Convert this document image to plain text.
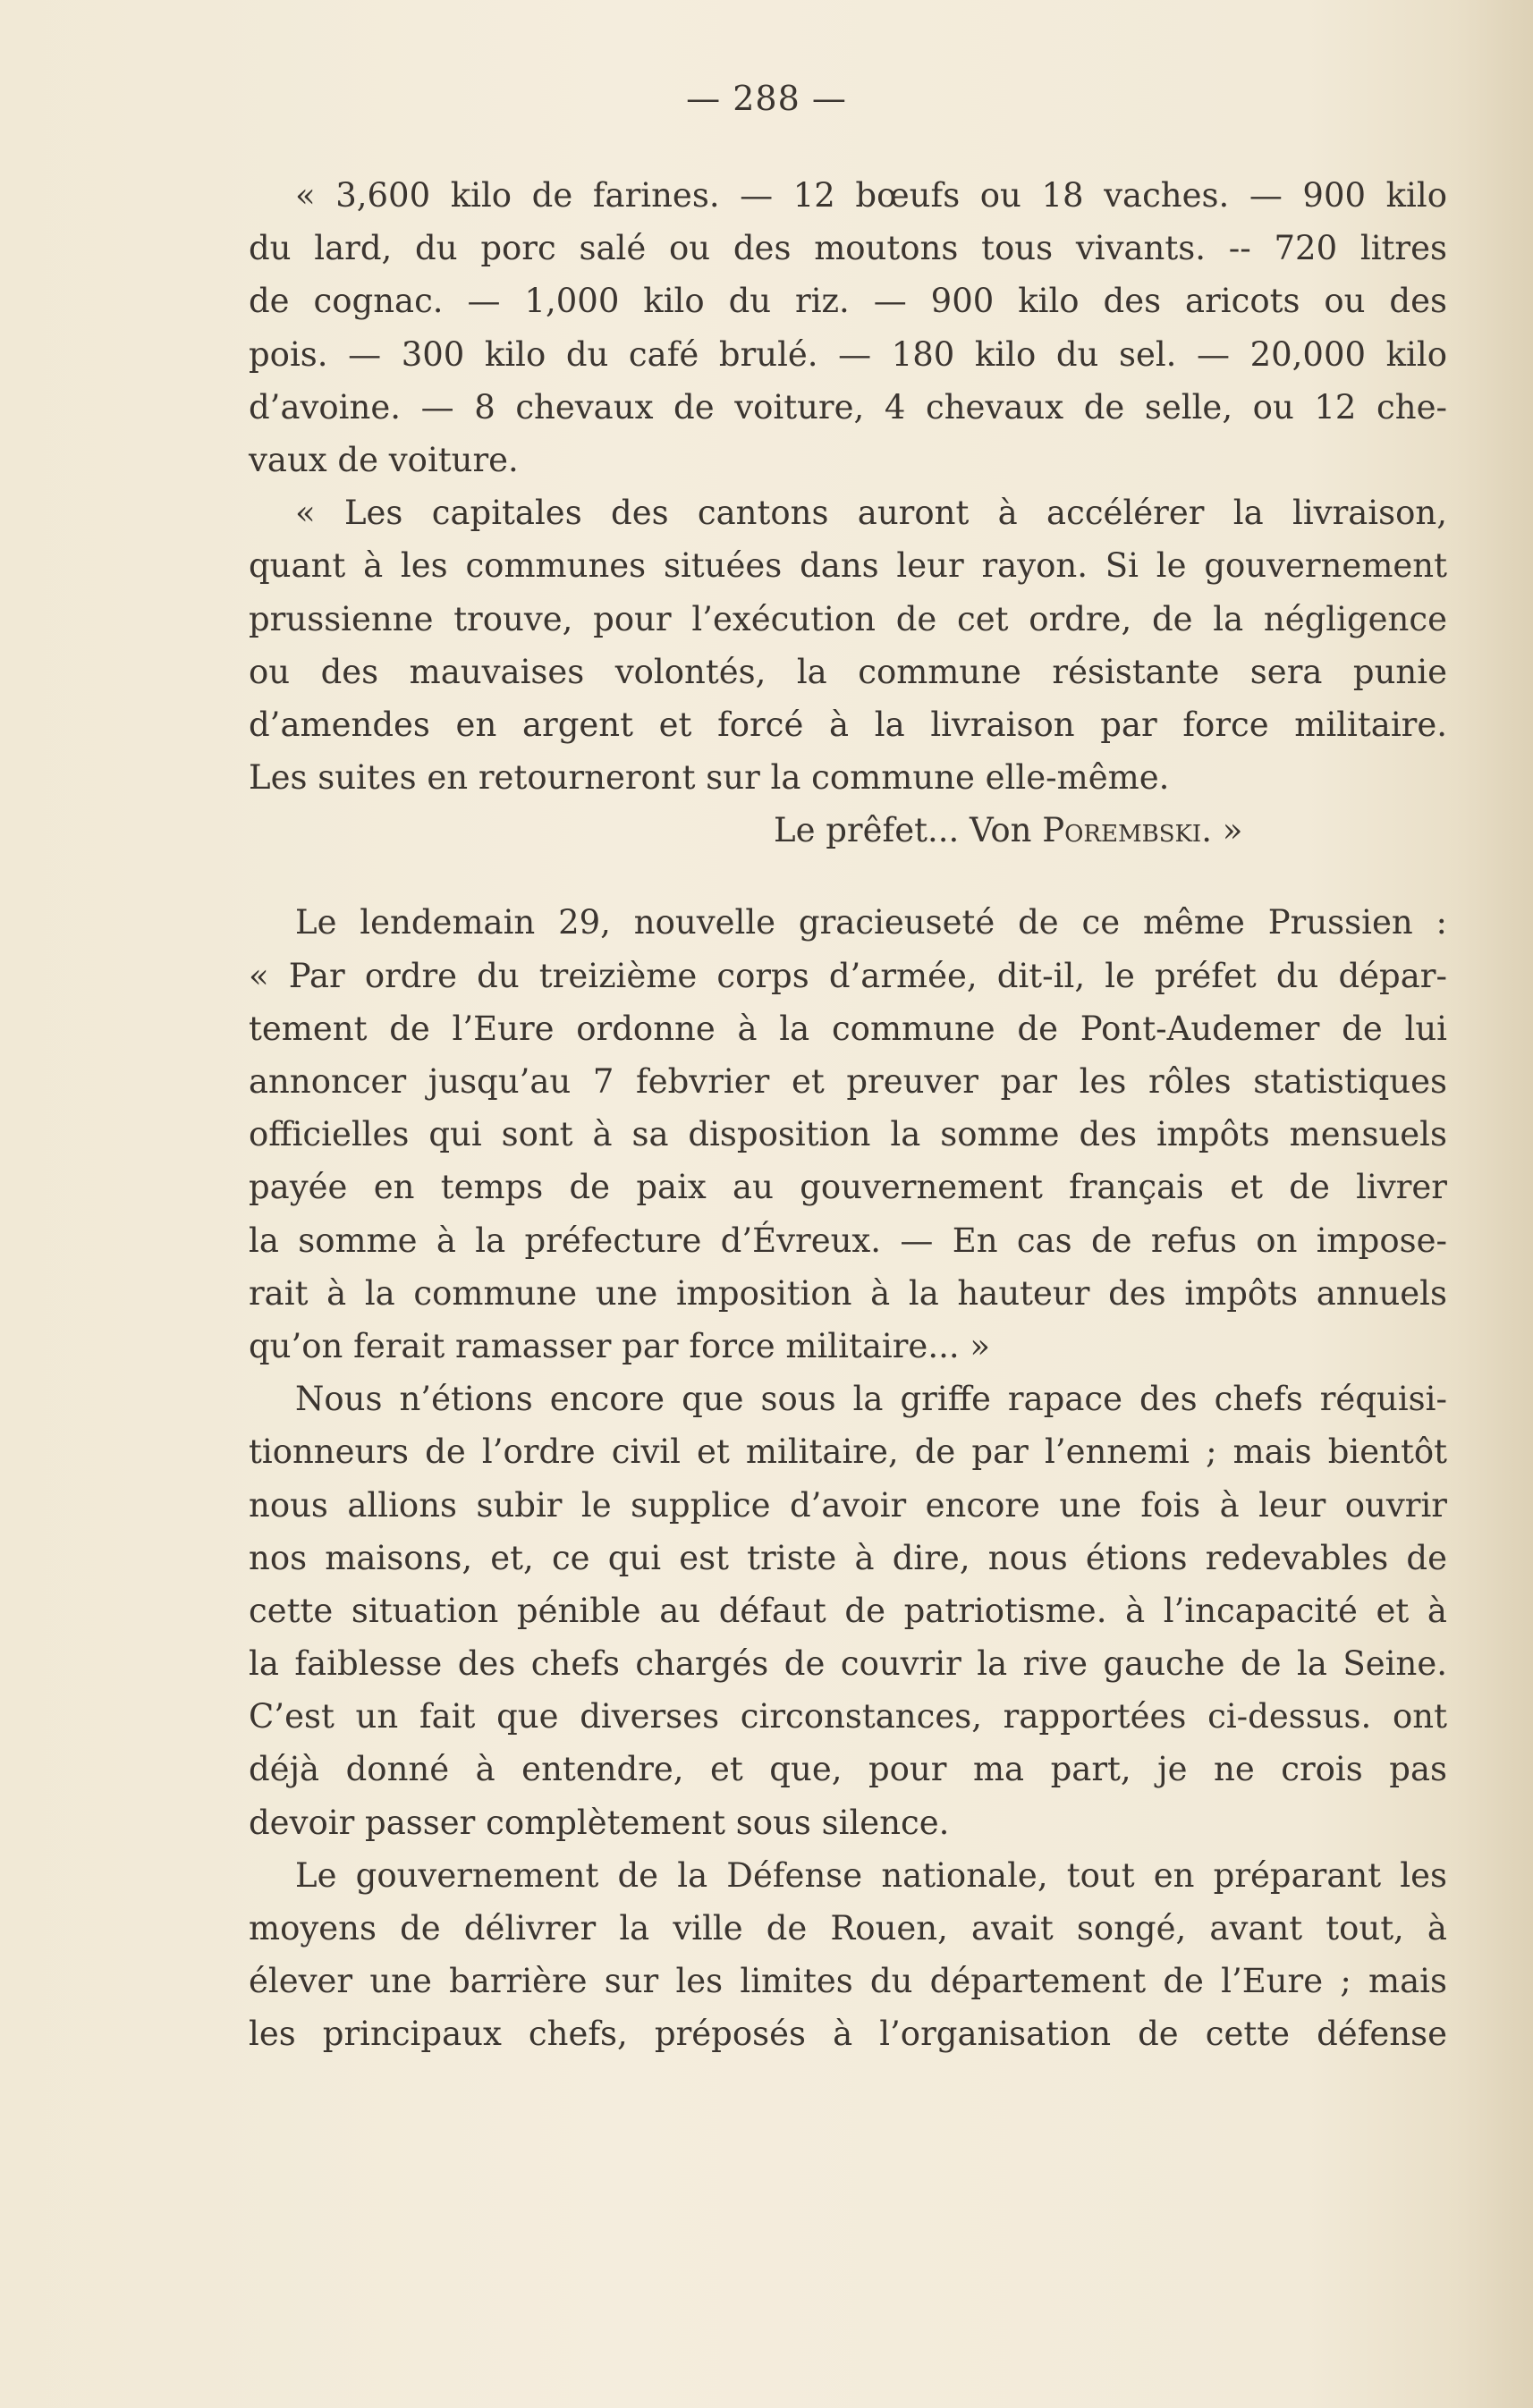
— 288 —
« 3,600 kilo de farines. — 12 bœufs ou 18 vaches. — 900 kilo
du lard, du porc salé ou des moutons tous vivants. -- 720 litres
de cognac. — 1,000 kilo du riz. — 900 kilo des aricots ou des
pois. — 300 kilo du café brulé. — 180 kilo du sel. — 20,000 kilo
d’avoine. — 8 chevaux de voiture, 4 chevaux de selle, ou 12 che-
vaux de voiture.
« Les capitales des cantons auront à accélérer la livraison,
quant à les communes situées dans leur rayon. Si le gouvernement
prussienne trouve, pour l’exécution de cet ordre, de la négligence
ou des mauvaises volontés, la commune résistante sera punie
d’amendes en argent et forcé à la livraison par force militaire.
Les suites en retourneront sur la commune elle-même.
Le prêfet... Von Porembski. »
Le lendemain 29, nouvelle gracieuseté de ce même Prussien :
« Par ordre du treizième corps d’armée, dit-il, le préfet du dépar-
tement de l’Eure ordonne à la commune de Pont-Audemer de lui
annoncer jusqu’au 7 febvrier et preuver par les rôles statistiques
officielles qui sont à sa disposition la somme des impôts mensuels
payée en temps de paix au gouvernement français et de livrer
la somme à la préfecture d’Évreux. — En cas de refus on impose-
rait à la commune une imposition à la hauteur des impôts annuels
qu’on ferait ramasser par force militaire... »
Nous n’étions encore que sous la griffe rapace des chefs réquisi-
tionneurs de l’ordre civil et militaire, de par l’ennemi ; mais bientôt
nous allions subir le supplice d’avoir encore une fois à leur ouvrir
nos maisons, et, ce qui est triste à dire, nous étions redevables de
cette situation pénible au défaut de patriotisme. à l’incapacité et à
la faiblesse des chefs chargés de couvrir la rive gauche de la Seine.
C’est un fait que diverses circonstances, rapportées ci-dessus. ont
déjà donné à entendre, et que, pour ma part, je ne crois pas
devoir passer complètement sous silence.
Le gouvernement de la Défense nationale, tout en préparant les
moyens de délivrer la ville de Rouen, avait songé, avant tout, à
élever une barrière sur les limites du département de l’Eure ; mais
les principaux chefs, préposés à l’organisation de cette défense
